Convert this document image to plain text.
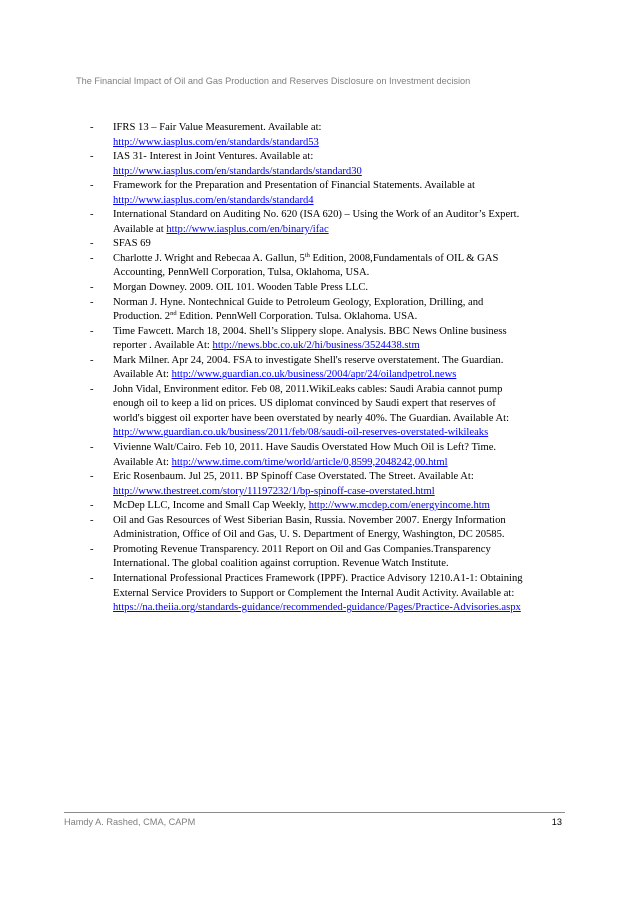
The Financial Impact of Oil and Gas Production and Reserves Disclosure on Investment decision
- IFRS 13 – Fair Value Measurement. Available at:
http://www.iasplus.com/en/standards/standard53
- IAS 31- Interest in Joint Ventures. Available at:
http://www.iasplus.com/en/standards/standards/standard30
- Framework for the Preparation and Presentation of Financial Statements. Available at
http://www.iasplus.com/en/standards/standard4
- International Standard on Auditing No. 620 (ISA 620) – Using the Work of an Auditor’s Expert.
Available at http://www.iasplus.com/en/binary/ifac
- SFAS 69
- Charlotte J. Wright and Rebecaa A. Gallun, 5th Edition, 2008,Fundamentals of OIL & GAS
Accounting, PennWell Corporation, Tulsa, Oklahoma, USA.
- Morgan Downey. 2009. OIL 101. Wooden Table Press LLC.
- Norman J. Hyne. Nontechnical Guide to Petroleum Geology, Exploration, Drilling, and
Production. 2nd Edition. PennWell Corporation. Tulsa. Oklahoma. USA.
- Time Fawcett. March 18, 2004. Shell’s Slippery slope. Analysis. BBC News Online business
reporter . Available At: http://news.bbc.co.uk/2/hi/business/3524438.stm
- Mark Milner. Apr 24, 2004. FSA to investigate Shell's reserve overstatement. The Guardian.
Available At: http://www.guardian.co.uk/business/2004/apr/24/oilandpetrol.news
- John Vidal, Environment editor. Feb 08, 2011.WikiLeaks cables: Saudi Arabia cannot pump
enough oil to keep a lid on prices. US diplomat convinced by Saudi expert that reserves of
world's biggest oil exporter have been overstated by nearly 40%. The Guardian. Available At:
http://www.guardian.co.uk/business/2011/feb/08/saudi-oil-reserves-overstated-wikileaks
- Vivienne Walt/Cairo. Feb 10, 2011. Have Saudis Overstated How Much Oil is Left? Time.
Available At: http://www.time.com/time/world/article/0,8599,2048242,00.html
- Eric Rosenbaum. Jul 25, 2011. BP Spinoff Case Overstated. The Street. Available At:
http://www.thestreet.com/story/11197232/1/bp-spinoff-case-overstated.html
- McDep LLC, Income and Small Cap Weekly, http://www.mcdep.com/energyincome.htm
- Oil and Gas Resources of West Siberian Basin, Russia. November 2007. Energy Information
Administration, Office of Oil and Gas, U. S. Department of Energy, Washington, DC 20585.
- Promoting Revenue Transparency. 2011 Report on Oil and Gas Companies.Transparency
International. The global coalition against corruption. Revenue Watch Institute.
- International Professional Practices Framework (IPPF). Practice Advisory 1210.A1-1: Obtaining
External Service Providers to Support or Complement the Internal Audit Activity. Available at:
https://na.theiia.org/standards-guidance/recommended-guidance/Pages/Practice-Advisories.aspx
Hamdy A. Rashed, CMA, CAPM	13
